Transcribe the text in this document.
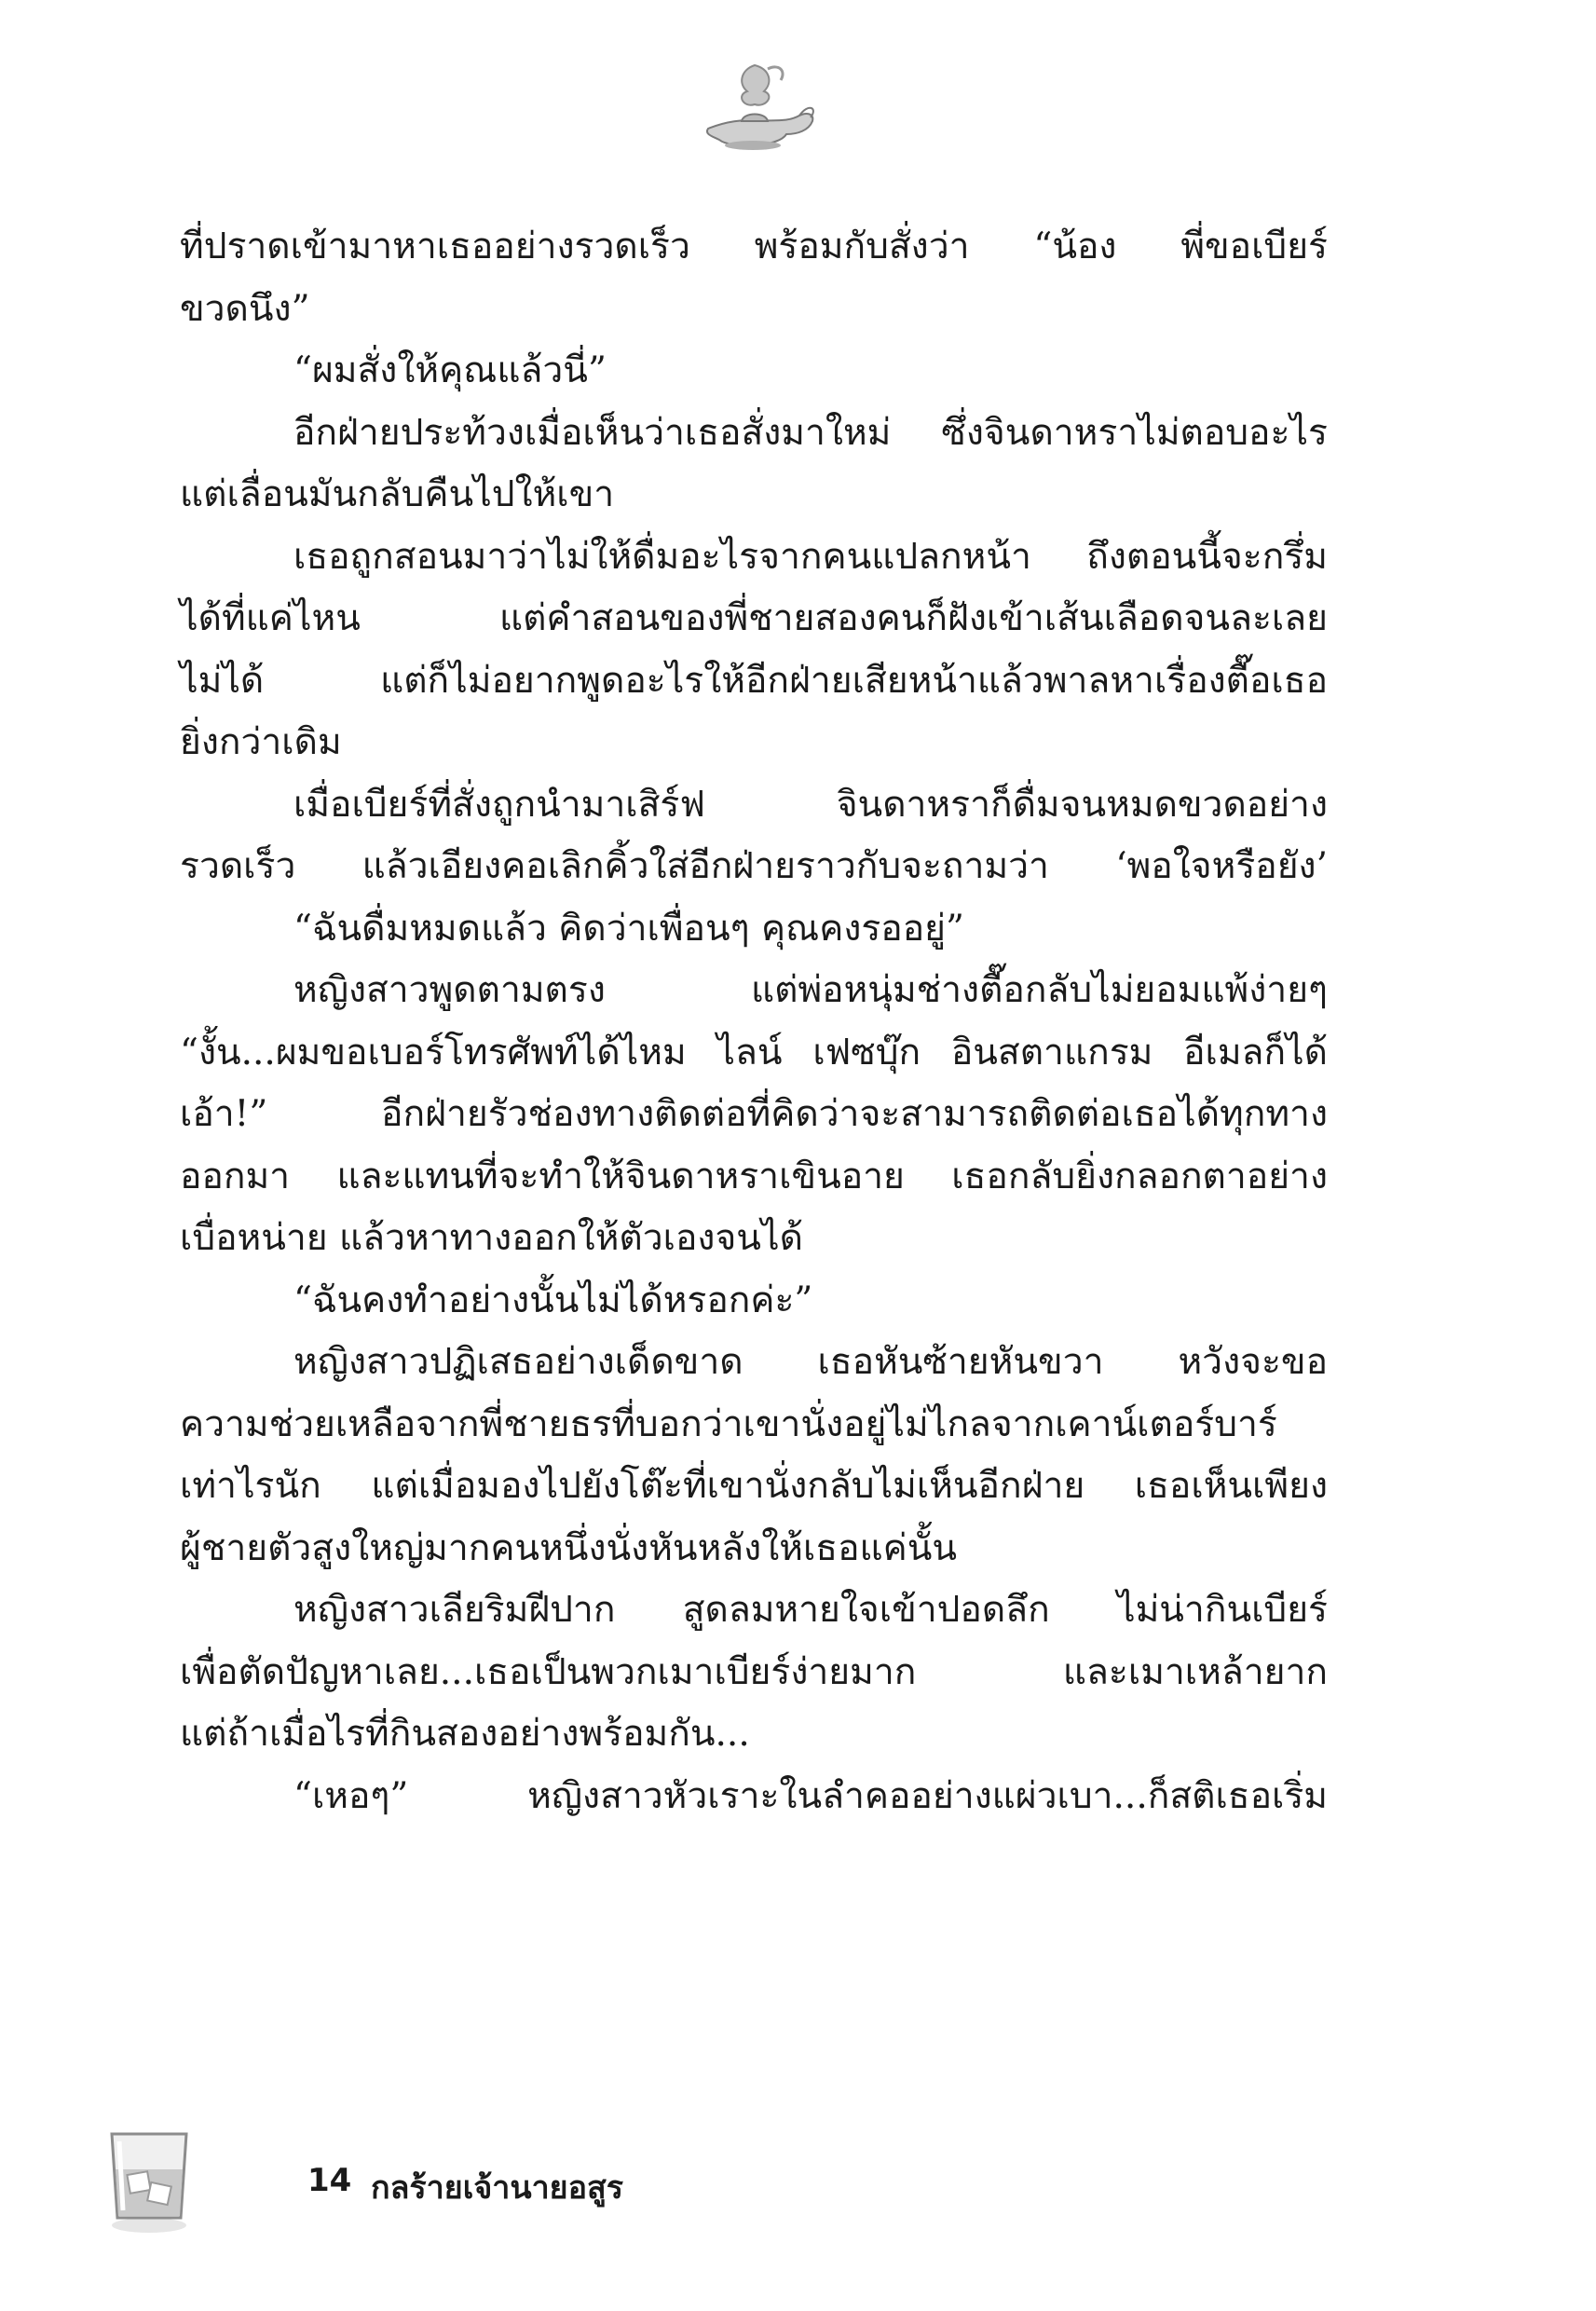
ที่ปราดเข้ามาหาเธออย่างรวดเร็ว พร้อมกับสั่งว่า “น้อง พี่ขอเบียร์
ขวดนึง”
“ผมสั่งให้คุณแล้วนี่”
อีกฝ่ายประท้วงเมื่อเห็นว่าเธอสั่งมาใหม่ ซึ่งจินดาหราไม่ตอบอะไร
แต่เลื่อนมันกลับคืนไปให้เขา
เธอถูกสอนมาว่าไม่ให้ดื่มอะไรจากคนแปลกหน้า ถึงตอนนี้จะกรึ่ม
ได้ที่แค่ไหน แต่คำสอนของพี่ชายสองคนก็ฝังเข้าเส้นเลือดจนละเลย
ไม่ได้ แต่ก็ไม่อยากพูดอะไรให้อีกฝ่ายเสียหน้าแล้วพาลหาเรื่องตื๊อเธอ
ยิ่งกว่าเดิม
เมื่อเบียร์ที่สั่งถูกนำมาเสิร์ฟ จินดาหราก็ดื่มจนหมดขวดอย่าง
รวดเร็ว แล้วเอียงคอเลิกคิ้วใส่อีกฝ่ายราวกับจะถามว่า ‘พอใจหรือยัง’
“ฉันดื่มหมดแล้ว คิดว่าเพื่อนๆ คุณคงรออยู่”
หญิงสาวพูดตามตรง แต่พ่อหนุ่มช่างตื๊อกลับไม่ยอมแพ้ง่ายๆ
“งั้น...ผมขอเบอร์โทรศัพท์ได้ไหม ไลน์ เฟซบุ๊ก อินสตาแกรม อีเมลก็ได้
เอ้า!” อีกฝ่ายรัวช่องทางติดต่อที่คิดว่าจะสามารถติดต่อเธอได้ทุกทาง
ออกมา และแทนที่จะทำให้จินดาหราเขินอาย เธอกลับยิ่งกลอกตาอย่าง
เบื่อหน่าย แล้วหาทางออกให้ตัวเองจนได้
“ฉันคงทำอย่างนั้นไม่ได้หรอกค่ะ”
หญิงสาวปฏิเสธอย่างเด็ดขาด เธอหันซ้ายหันขวา หวังจะขอ
ความช่วยเหลือจากพี่ชายธรที่บอกว่าเขานั่งอยู่ไม่ไกลจากเคาน์เตอร์บาร์
เท่าไรนัก แต่เมื่อมองไปยังโต๊ะที่เขานั่งกลับไม่เห็นอีกฝ่าย เธอเห็นเพียง
ผู้ชายตัวสูงใหญ่มากคนหนึ่งนั่งหันหลังให้เธอแค่นั้น
หญิงสาวเลียริมฝีปาก สูดลมหายใจเข้าปอดลึก ไม่น่ากินเบียร์
เพื่อตัดปัญหาเลย...เธอเป็นพวกเมาเบียร์ง่ายมาก และเมาเหล้ายาก
แต่ถ้าเมื่อไรที่กินสองอย่างพร้อมกัน...
“เหอๆ” หญิงสาวหัวเราะในลำคออย่างแผ่วเบา...ก็สติเธอเริ่ม
14 กลร้ายเจ้านายอสูร
